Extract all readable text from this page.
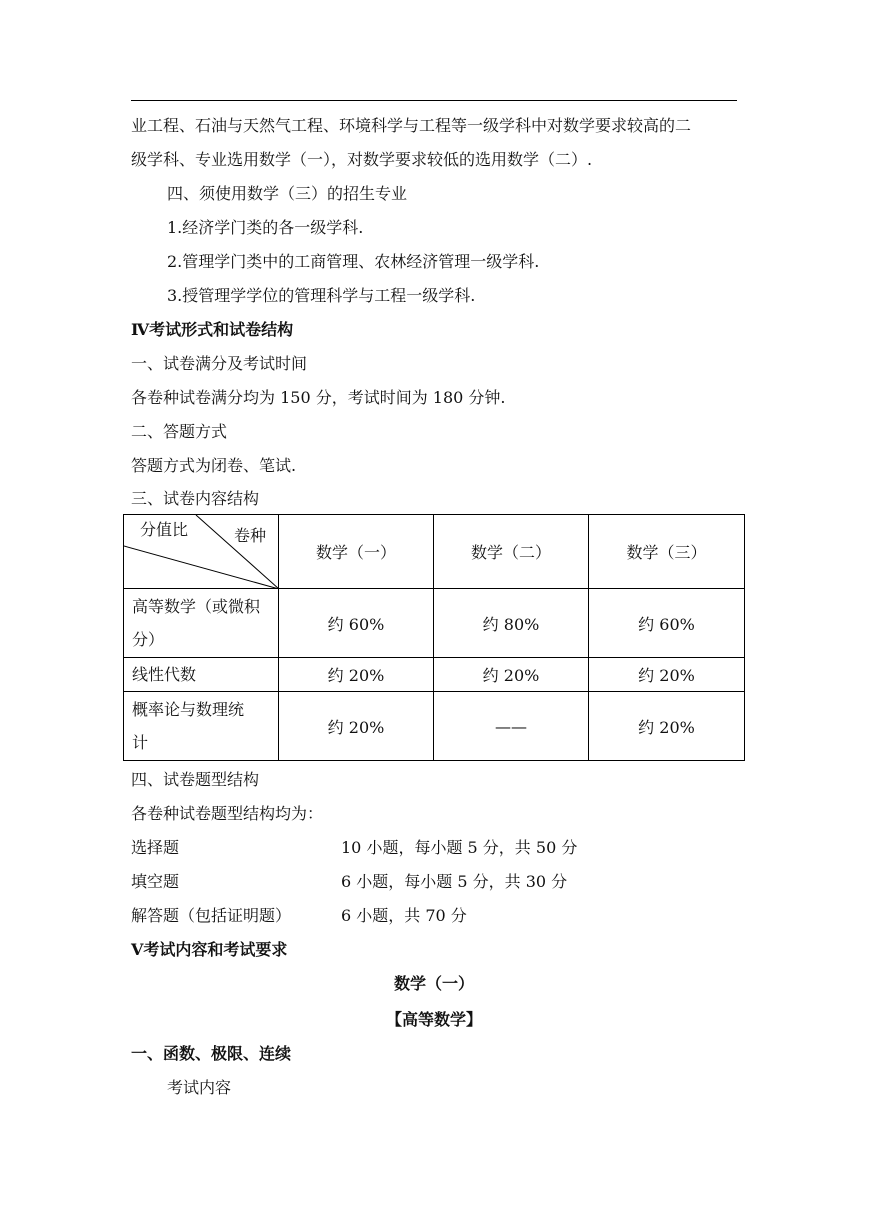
业工程、石油与天然气工程、环境科学与工程等一级学科中对数学要求较高的二
级学科、专业选用数学（一），对数学要求较低的选用数学（二）.
四、须使用数学（三）的招生专业
1.经济学门类的各一级学科.
2.管理学门类中的工商管理、农林经济管理一级学科.
3.授管理学学位的管理科学与工程一级学科.
Ⅳ考试形式和试卷结构
一、试卷满分及考试时间
各卷种试卷满分均为 150 分，考试时间为 180 分钟.
二、答题方式
答题方式为闭卷、笔试.
三、试卷内容结构
分值比 卷种	数学（一）	数学（二）	数学（三）

高等数学（或微积
分）	约 60%	约 80%	约 60%

线性代数	约 20%	约 20%	约 20%

概率论与数理统
计	约 20%	——	约 20%
四、试卷题型结构
各卷种试卷题型结构均为：
选择题	10 小题，每小题 5 分，共 50 分
填空题	6 小题，每小题 5 分，共 30 分
解答题（包括证明题）	6 小题，共 70 分
Ⅴ考试内容和考试要求
数学（一）
【高等数学】
一、函数、极限、连续
考试内容
